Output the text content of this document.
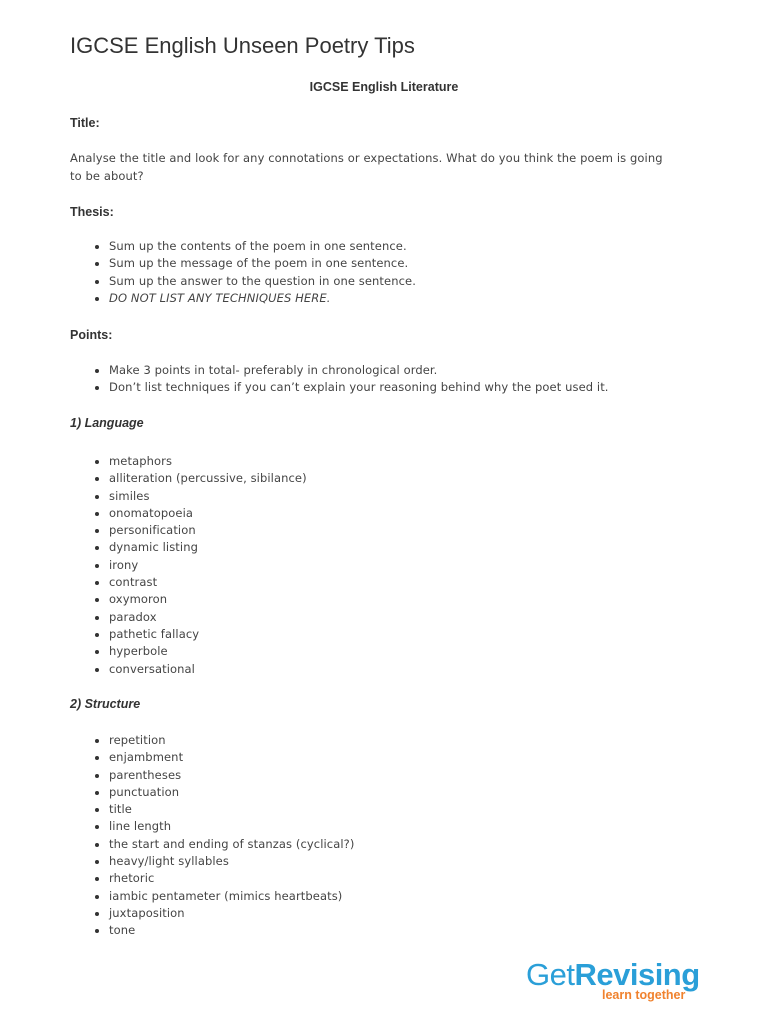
IGCSE English Unseen Poetry Tips
IGCSE English Literature
Title:
Analyse the title and look for any connotations or expectations. What do you think the poem is going
to be about?
Thesis:
Sum up the contents of the poem in one sentence.
Sum up the message of the poem in one sentence.
Sum up the answer to the question in one sentence.
DO NOT LIST ANY TECHNIQUES HERE.
Points:
Make 3 points in total- preferably in chronological order.
Don’t list techniques if you can’t explain your reasoning behind why the poet used it.
1) Language
metaphors
alliteration (percussive, sibilance)
similes
onomatopoeia
personification
dynamic listing
irony
contrast
oxymoron
paradox
pathetic fallacy
hyperbole
conversational
2) Structure
repetition
enjambment
parentheses
punctuation
title
line length
the start and ending of stanzas (cyclical?)
heavy/light syllables
rhetoric
iambic pentameter (mimics heartbeats)
juxtaposition
tone
GetRevising
learn together
